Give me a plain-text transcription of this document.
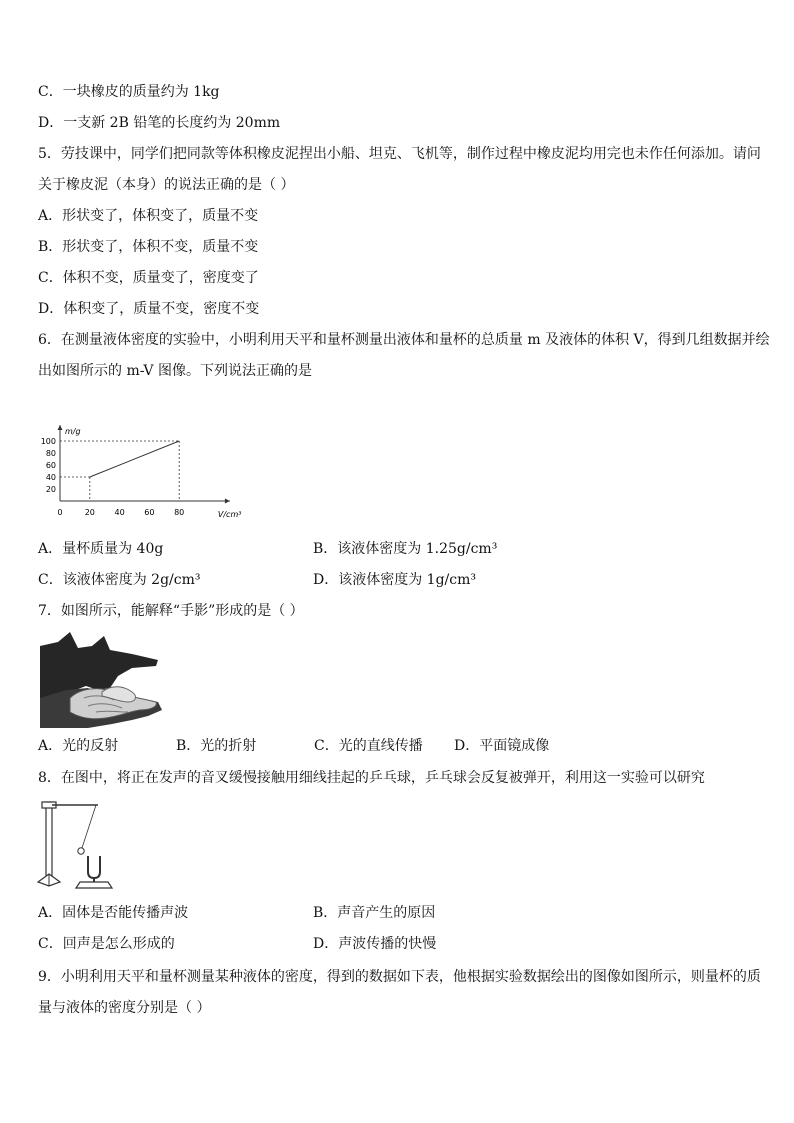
C．一块橡皮的质量约为 1kg
D．一支新 2B 铅笔的长度约为 20mm
5．劳技课中，同学们把同款等体积橡皮泥捏出小船、坦克、飞机等，制作过程中橡皮泥均用完也未作任何添加。请问
关于橡皮泥（本身）的说法正确的是（ ）
A．形状变了，体积变了，质量不变
B．形状变了，体积不变，质量不变
C．体积不变，质量变了，密度变了
D．体积变了，质量不变，密度不变
6．在测量液体密度的实验中，小明利用天平和量杯测量出液体和量杯的总质量 m 及液体的体积 V，得到几组数据并绘
出如图所示的 m-V 图像。下列说法正确的是
m/g
V/cm³
0	20 40 60 80
20
40
60
80
100
A．量杯质量为 40g	B．该液体密度为 1.25g/cm³
C．该液体密度为 2g/cm³	D．该液体密度为 1g/cm³
7．如图所示，能解释“手影”形成的是（ ）
A．光的反射	B．光的折射	C．光的直线传播 D．平面镜成像
8．在图中，将正在发声的音叉缓慢接触用细线挂起的乒乓球，乒乓球会反复被弹开，利用这一实验可以研究
A．固体是否能传播声波	B．声音产生的原因
C．回声是怎么形成的	D．声波传播的快慢
9．小明利用天平和量杯测量某种液体的密度，得到的数据如下表，他根据实验数据绘出的图像如图所示，则量杯的质
量与液体的密度分别是（ ）
